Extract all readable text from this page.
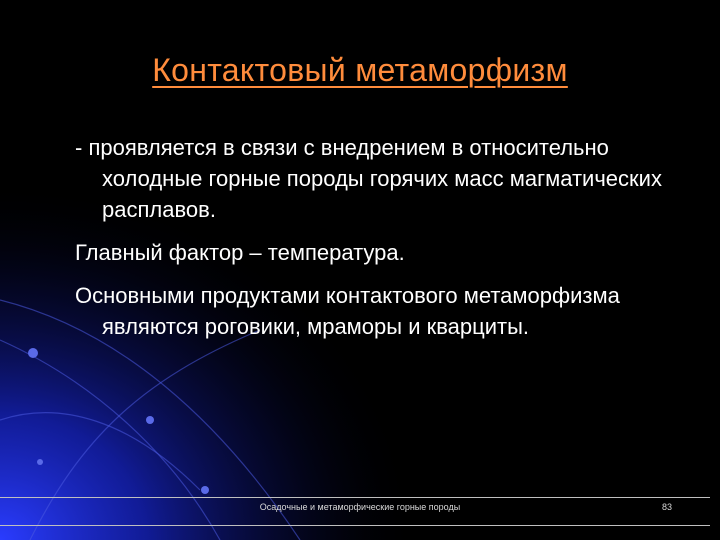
Контактовый метаморфизм
- проявляется в связи с внедрением в относительно холодные горные породы горячих масс магматических расплавов.
Главный фактор – температура.
Основными продуктами контактового метаморфизма являются роговики, мраморы и кварциты.
Осадочные и метаморфические горные породы	83
